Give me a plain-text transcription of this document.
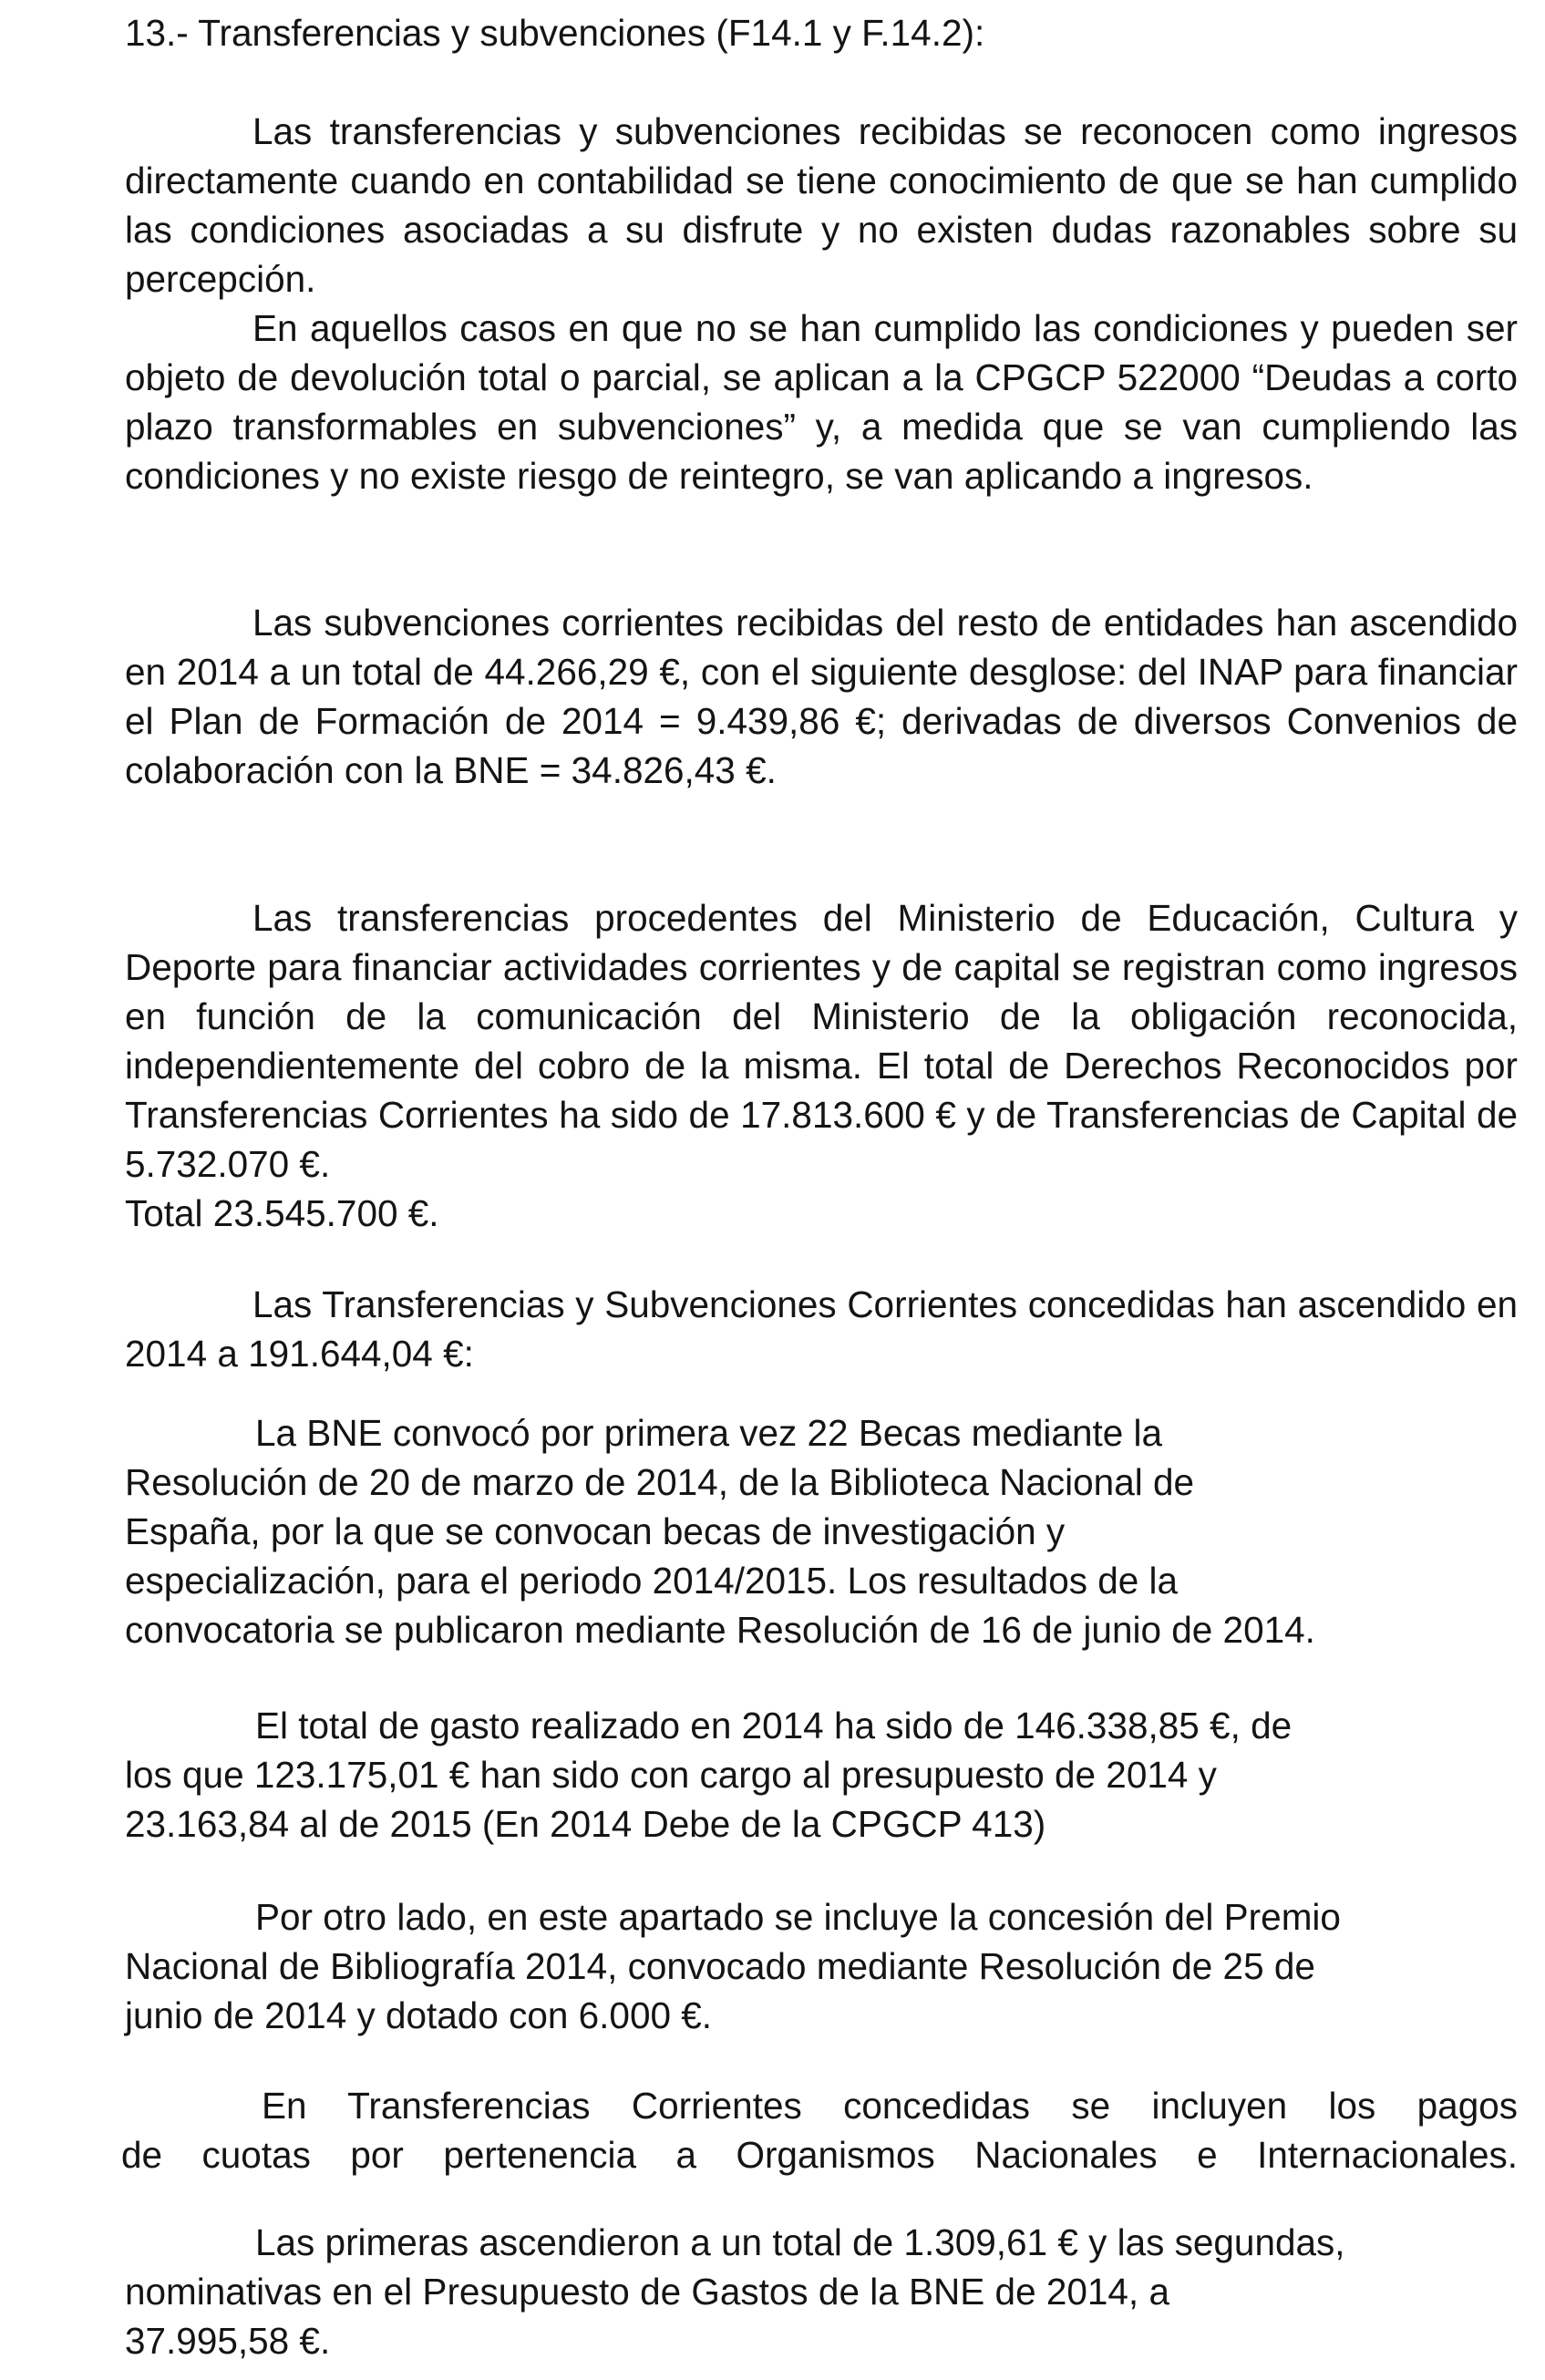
13.- Transferencias y subvenciones (F14.1 y F.14.2):

Las transferencias y subvenciones recibidas se reconocen como ingresos directamente cuando en contabilidad se tiene conocimiento de que se han cumplido las condiciones asociadas a su disfrute y no existen dudas razonables sobre su percepción.

En aquellos casos en que no se han cumplido las condiciones y pueden ser objeto de devolución total o parcial, se aplican a la CPGCP 522000 “Deudas a corto plazo transformables en subvenciones” y, a medida que se van cumpliendo las condiciones y no existe riesgo de reintegro, se van aplicando a ingresos.

Las subvenciones corrientes recibidas del resto de entidades han ascendido en 2014 a un total de 44.266,29 €, con el siguiente desglose: del INAP para financiar el Plan de Formación de 2014 = 9.439,86 €; derivadas de diversos Convenios de colaboración con la BNE = 34.826,43 €.

Las transferencias procedentes del Ministerio de Educación, Cultura y Deporte para financiar actividades corrientes y de capital se registran como ingresos en función de la comunicación del Ministerio de la obligación reconocida, independientemente del cobro de la misma. El total de Derechos Reconocidos por Transferencias Corrientes ha sido de 17.813.600 € y de Transferencias de Capital de 5.732.070 €.

Total 23.545.700 €.

Las Transferencias y Subvenciones Corrientes concedidas han ascendido en 2014 a 191.644,04 €:

La BNE convocó por primera vez 22 Becas mediante la
Resolución de 20 de marzo de 2014, de la Biblioteca Nacional de
España, por la que se convocan becas de investigación y
especialización, para el periodo 2014/2015. Los resultados de la
convocatoria se publicaron mediante Resolución de 16 de junio de 2014.
El total de gasto realizado en 2014 ha sido de 146.338,85 €, de
los que 123.175,01 € han sido con cargo al presupuesto de 2014 y
23.163,84 al de 2015 (En 2014 Debe de la CPGCP 413)
Por otro lado, en este apartado se incluye la concesión del Premio
Nacional de Bibliografía 2014, convocado mediante Resolución de 25 de
junio de 2014 y dotado con 6.000 €.
En Transferencias Corrientes concedidas se incluyen los pagos
de cuotas por pertenencia a Organismos Nacionales e Internacionales.
Las primeras ascendieron a un total de 1.309,61 € y las segundas,
nominativas en el Presupuesto de Gastos de la BNE de 2014, a
37.995,58 €.
